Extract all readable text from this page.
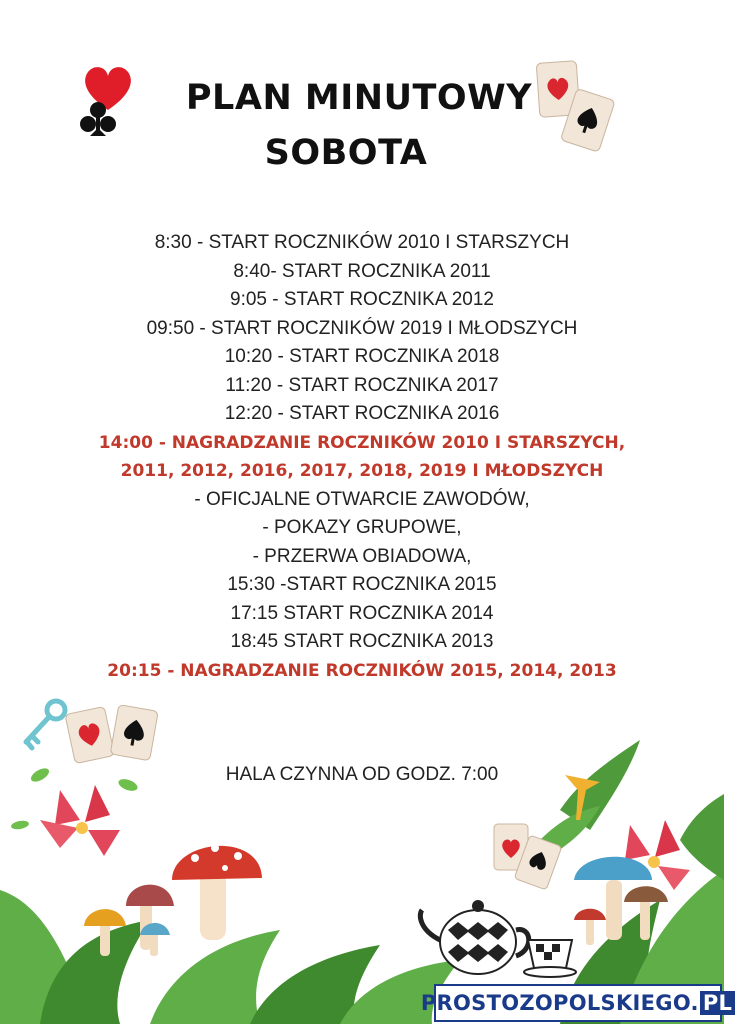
PLAN MINUTOWY
SOBOTA
8:30 - START ROCZNIKÓW 2010 I STARSZYCH
8:40- START ROCZNIKA 2011
9:05 - START ROCZNIKA 2012
09:50 - START ROCZNIKÓW 2019 I MŁODSZYCH
10:20 - START ROCZNIKA 2018
11:20 - START ROCZNIKA 2017
12:20 - START ROCZNIKA 2016
14:00 - NAGRADZANIE ROCZNIKÓW 2010 I STARSZYCH,
2011, 2012, 2016, 2017, 2018, 2019 I MŁODSZYCH
- OFICJALNE OTWARCIE ZAWODÓW,
- POKAZY GRUPOWE,
- PRZERWA OBIADOWA,
15:30 -START ROCZNIKA 2015
17:15 START ROCZNIKA 2014
18:45 START ROCZNIKA 2013
20:15 - NAGRADZANIE ROCZNIKÓW 2015, 2014, 2013
HALA CZYNNA OD GODZ. 7:00
PROSTOZOPOLSKIEGO. PL
